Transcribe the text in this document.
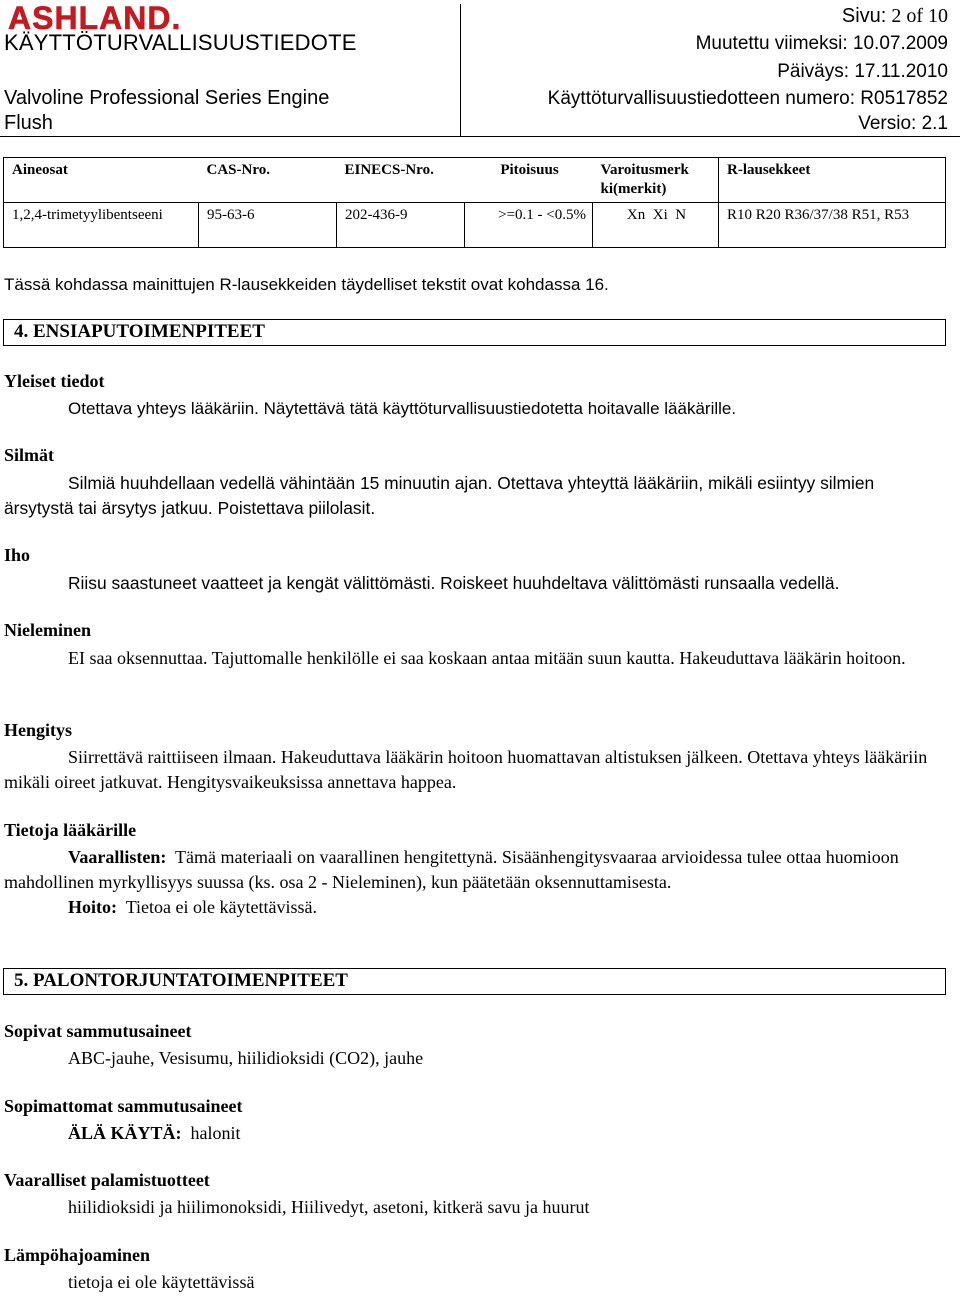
ASHLAND.
KÄYTTÖTURVALLISUUSTIEDOTE
Valvoline Professional Series Engine
Flush
Sivu: 2 of 10
Muutettu viimeksi: 10.07.2009
Päiväys: 17.11.2010
Käyttöturvallisuustiedotteen numero: R0517852
Versio: 2.1
Aineosat	CAS-Nro.	EINECS-Nro.	Pitoisuus	Varoitusmerk ki(merkit)	R-lausekkeet
1,2,4-trimetyylibentseeni	95-63-6	202-436-9	>=0.1 - <0.5%	Xn  Xi  N	R10 R20 R36/37/38 R51, R53
Tässä kohdassa mainittujen R-lausekkeiden täydelliset tekstit ovat kohdassa 16.
4. ENSIAPUTOIMENPITEET
Yleiset tiedot
Otettava yhteys lääkäriin. Näytettävä tätä käyttöturvallisuustiedotetta hoitavalle lääkärille.
Silmät
Silmiä huuhdellaan vedellä vähintään 15 minuutin ajan. Otettava yhteyttä lääkäriin, mikäli esiintyy silmien ärsytystä tai ärsytys jatkuu. Poistettava piilolasit.
Iho
Riisu saastuneet vaatteet ja kengät välittömästi. Roiskeet huuhdeltava välittömästi runsaalla vedellä.
Nieleminen
EI saa oksennuttaa. Tajuttomalle henkilölle ei saa koskaan antaa mitään suun kautta. Hakeuduttava lääkärin hoitoon.
Hengitys
Siirrettävä raittiiseen ilmaan. Hakeuduttava lääkärin hoitoon huomattavan altistuksen jälkeen. Otettava yhteys lääkäriin mikäli oireet jatkuvat. Hengitysvaikeuksissa annettava happea.
Tietoja lääkärille
Vaarallisten: Tämä materiaali on vaarallinen hengitettynä. Sisäänhengitysvaaraa arvioidessa tulee ottaa huomioon mahdollinen myrkyllisyys suussa (ks. osa 2 - Nieleminen), kun päätetään oksennuttamisesta.
Hoito: Tietoa ei ole käytettävissä.
5. PALONTORJUNTATOIMENPITEET
Sopivat sammutusaineet
ABC-jauhe, Vesisumu, hiilidioksidi (CO2), jauhe
Sopimattomat sammutusaineet
ÄLÄ KÄYTÄ: halonit
Vaaralliset palamistuotteet
hiilidioksidi ja hiilimonoksidi, Hiilivedyt, asetoni, kitkerä savu ja huurut
Lämpöhajoaminen
tietoja ei ole käytettävissä
